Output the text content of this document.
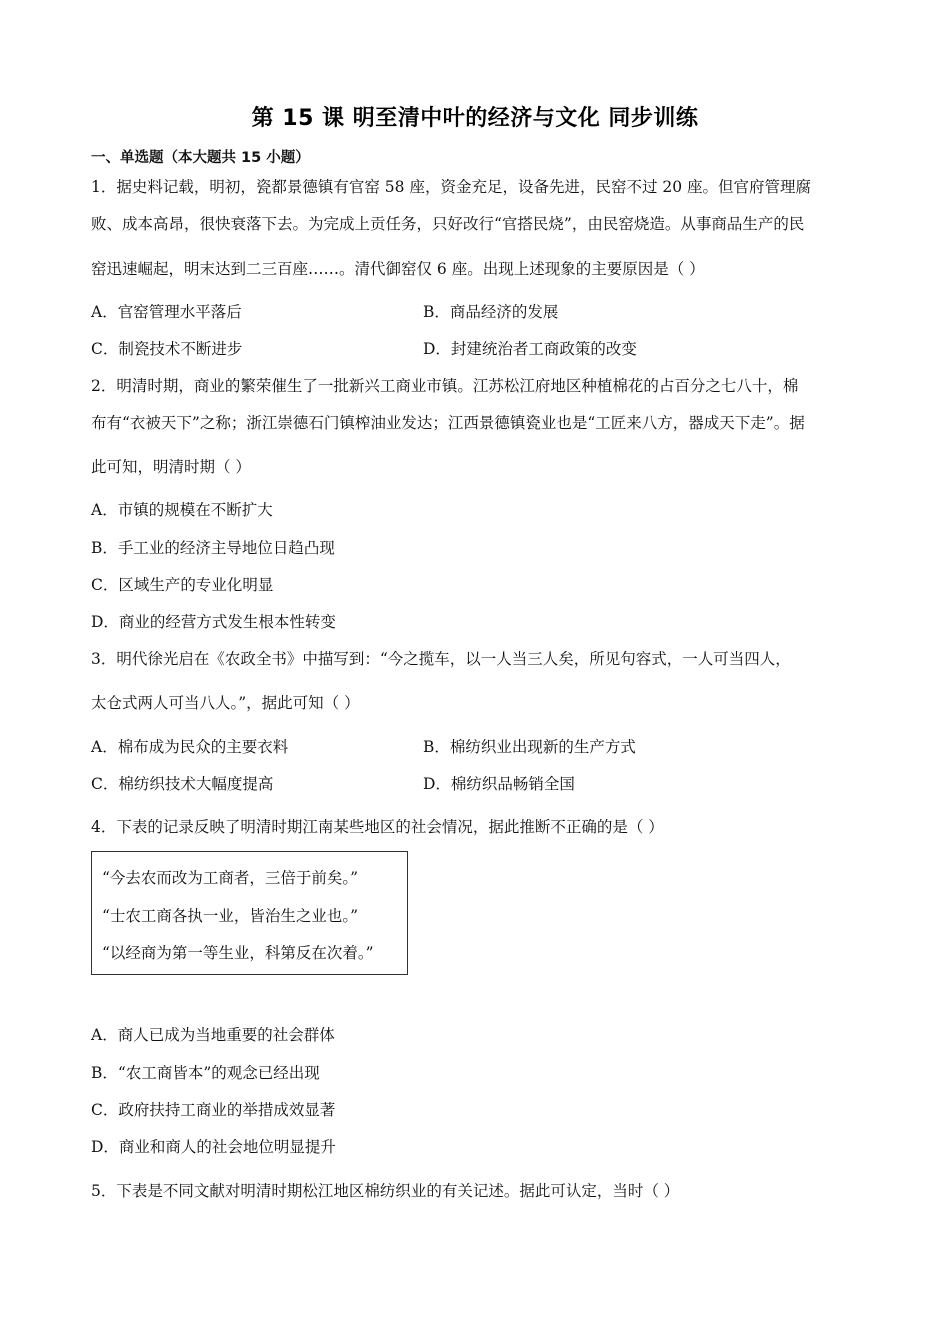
第 15 课 明至清中叶的经济与文化 同步训练
一、单选题（本大题共 15 小题）
1．据史料记载，明初，瓷都景德镇有官窑 58 座，资金充足，设备先进，民窑不过 20 座。但官府管理腐
败、成本高昂，很快衰落下去。为完成上贡任务，只好改行“官搭民烧”，由民窑烧造。从事商品生产的民
窑迅速崛起，明末达到二三百座……。清代御窑仅 6 座。出现上述现象的主要原因是（ ）
A．官窑管理水平落后	B．商品经济的发展
C．制瓷技术不断进步	D．封建统治者工商政策的改变
2．明清时期，商业的繁荣催生了一批新兴工商业市镇。江苏松江府地区种植棉花的占百分之七八十，棉
布有“衣被天下”之称；浙江崇德石门镇榨油业发达；江西景德镇瓷业也是“工匠来八方，器成天下走”。据
此可知，明清时期（ ）
A．市镇的规模在不断扩大
B．手工业的经济主导地位日趋凸现
C．区域生产的专业化明显
D．商业的经营方式发生根本性转变
3．明代徐光启在《农政全书》中描写到：“今之揽车，以一人当三人矣，所见句容式，一人可当四人，
太仓式两人可当八人。”，据此可知（ ）
A．棉布成为民众的主要衣料	B．棉纺织业出现新的生产方式
C．棉纺织技术大幅度提高	D．棉纺织品畅销全国
4．下表的记录反映了明清时期江南某些地区的社会情况，据此推断不正确的是（ ）
“今去农而改为工商者，三倍于前矣。”
“士农工商各执一业，皆治生之业也。”
“以经商为第一等生业，科第反在次着。”
A．商人已成为当地重要的社会群体
B．“农工商皆本”的观念已经出现
C．政府扶持工商业的举措成效显著
D．商业和商人的社会地位明显提升
5．下表是不同文献对明清时期松江地区棉纺织业的有关记述。据此可认定，当时（ ）
